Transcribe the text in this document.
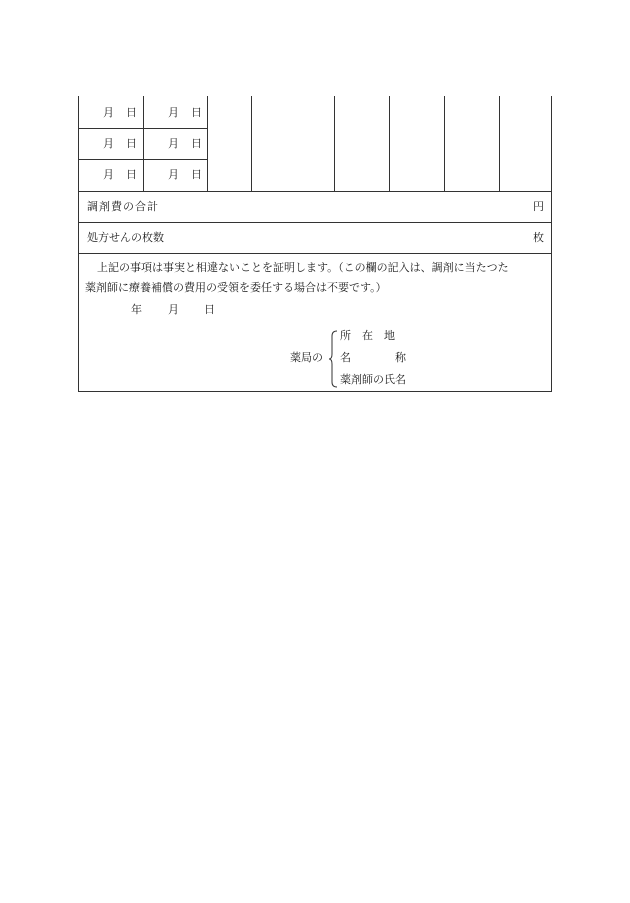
月 日	月 日
月 日	月 日
月 日	月 日
調剤費の合計	円
処方せんの枚数	枚
上記の事項は事実と相違ないことを証明します。（この欄の記入は、調剤に当たつた
薬剤師に療養補償の費用の受領を委任する場合は不要です。）
年 月 日
薬局の
所　在　地
名　　　　称
薬剤師の氏名
